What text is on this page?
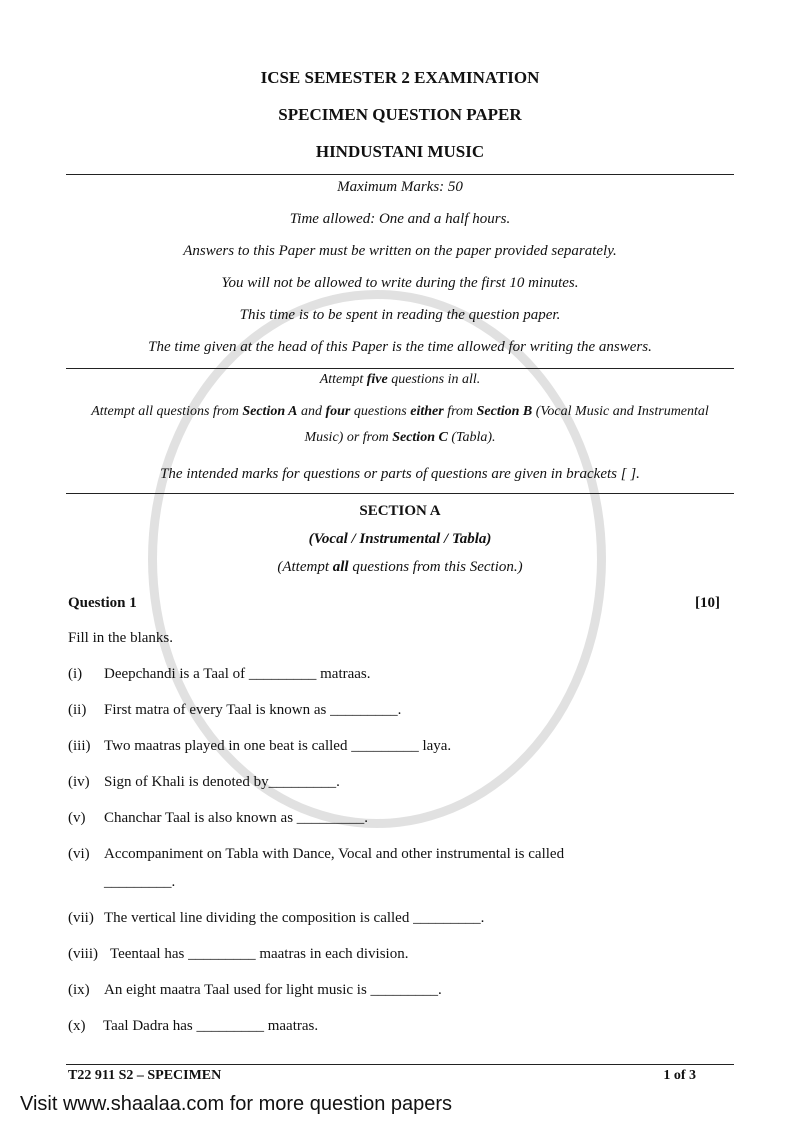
ICSE SEMESTER 2 EXAMINATION
SPECIMEN QUESTION PAPER
HINDUSTANI MUSIC
Maximum Marks: 50
Time allowed: One and a half hours.
Answers to this Paper must be written on the paper provided separately.
You will not be allowed to write during the first 10 minutes.
This time is to be spent in reading the question paper.
The time given at the head of this Paper is the time allowed for writing the answers.
Attempt five questions in all.
Attempt all questions from Section A and four questions either from Section B (Vocal Music and Instrumental
Music) or from Section C (Tabla).
The intended marks for questions or parts of questions are given in brackets [ ].
SECTION A
(Vocal / Instrumental / Tabla)
(Attempt all questions from this Section.)
Question 1	[10]
Fill in the blanks.
(i) Deepchandi is a Taal of _________ matraas.
(ii) First matra of every Taal is known as _________.
(iii) Two maatras played in one beat is called _________ laya.
(iv) Sign of Khali is denoted by_________.
(v) Chanchar Taal is also known as _________.
(vi) Accompaniment on Tabla with Dance, Vocal and other instrumental is called
_________.
(vii) The vertical line dividing the composition is called _________.
(viii) Teentaal has _________ maatras in each division.
(ix) An eight maatra Taal used for light music is _________.
(x) Taal Dadra has _________ maatras.
T22 911 S2 – SPECIMEN	1 of 3
Visit www.shaalaa.com for more question papers
